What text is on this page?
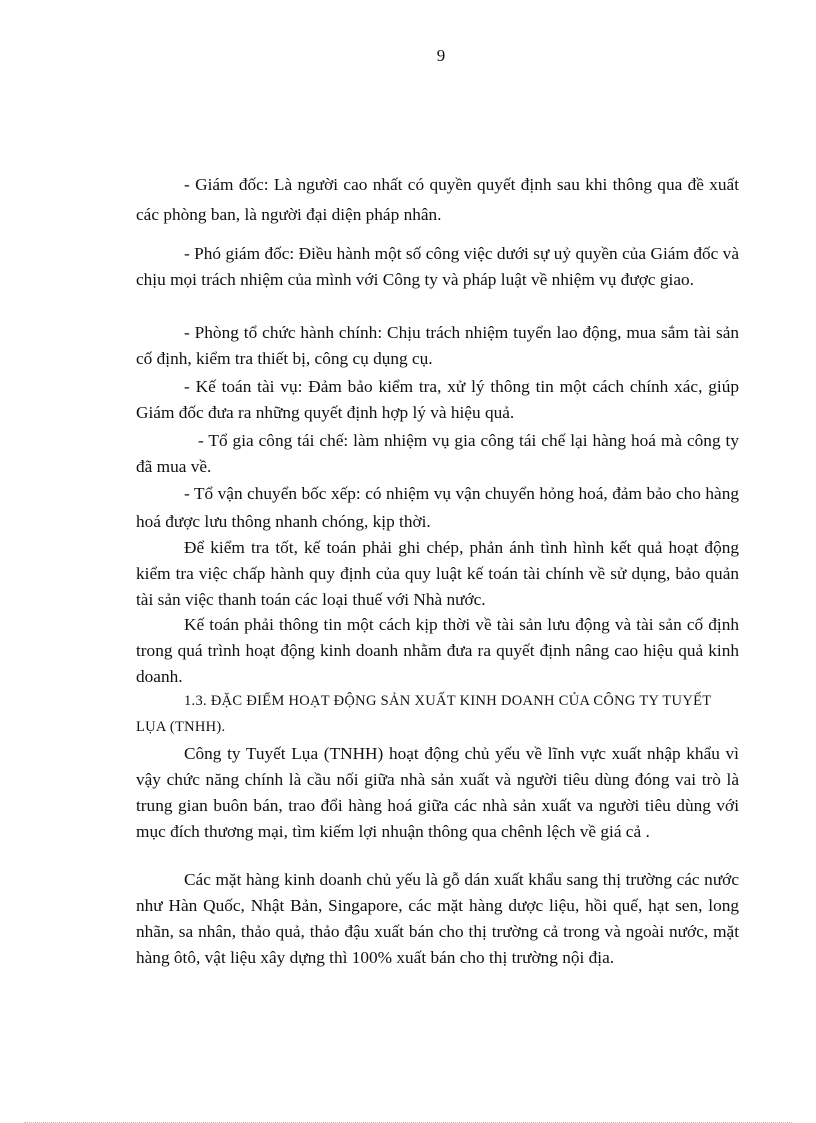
9

- Giám đốc: Là người cao nhất có quyền quyết định sau khi thông qua đề xuất các phòng ban, là người đại diện pháp nhân.

- Phó giám đốc: Điều hành một số công việc dưới sự uỷ quyền của Giám đốc và chịu mọi trách nhiệm của mình với Công ty và pháp luật về nhiệm vụ được giao.

- Phòng tổ chức hành chính: Chịu trách nhiệm tuyển lao động, mua sắm tài sản cố định, kiểm tra thiết bị, công cụ dụng cụ.

- Kế toán tài vụ: Đảm bảo kiểm tra, xử lý thông tin một cách chính xác, giúp Giám đốc đưa ra những quyết định hợp lý và hiệu quả.

- Tổ gia công tái chế: làm nhiệm vụ gia công tái chế lại hàng hoá mà công ty đã mua về.

- Tổ vận chuyển bốc xếp: có nhiệm vụ vận chuyển hỏng hoá, đảm bảo cho hàng hoá được lưu thông nhanh chóng, kịp thời.

Để kiểm tra tốt, kế toán phải ghi chép, phản ánh tình hình kết quả hoạt động kiểm tra việc chấp hành quy định của quy luật kế toán tài chính về sử dụng, bảo quản tài sản việc thanh toán các loại thuế với Nhà nước.

Kế toán phải thông tin một cách kịp thời về tài sản lưu động và tài sản cố định trong quá trình hoạt động kinh doanh nhằm đưa ra quyết định nâng cao hiệu quả kinh doanh.

1.3. ĐẶC ĐIỂM HOẠT ĐỘNG SẢN XUẤT KINH DOANH CỦA CÔNG TY TUYẾT LỤA (TNHH).

Công ty Tuyết Lụa (TNHH) hoạt động chủ yếu về lĩnh vực xuất nhập khẩu vì vậy chức năng chính là cầu nối giữa nhà sản xuất và người tiêu dùng đóng vai trò là trung gian buôn bán, trao đổi hàng hoá giữa các nhà sản xuất va người tiêu dùng với mục đích thương mại, tìm kiếm lợi nhuận thông qua chênh lệch về giá cả .

Các mặt hàng kinh doanh chủ yếu là gỗ dán xuất khẩu sang thị trường các nước như Hàn Quốc, Nhật Bản, Singapore, các mặt hàng dược liệu, hồi quế, hạt sen, long nhãn, sa nhân, thảo quả, thảo đậu xuất bán cho thị trường cả trong và ngoài nước, mặt hàng ôtô, vật liệu xây dựng thì 100% xuất bán cho thị trường nội địa.
